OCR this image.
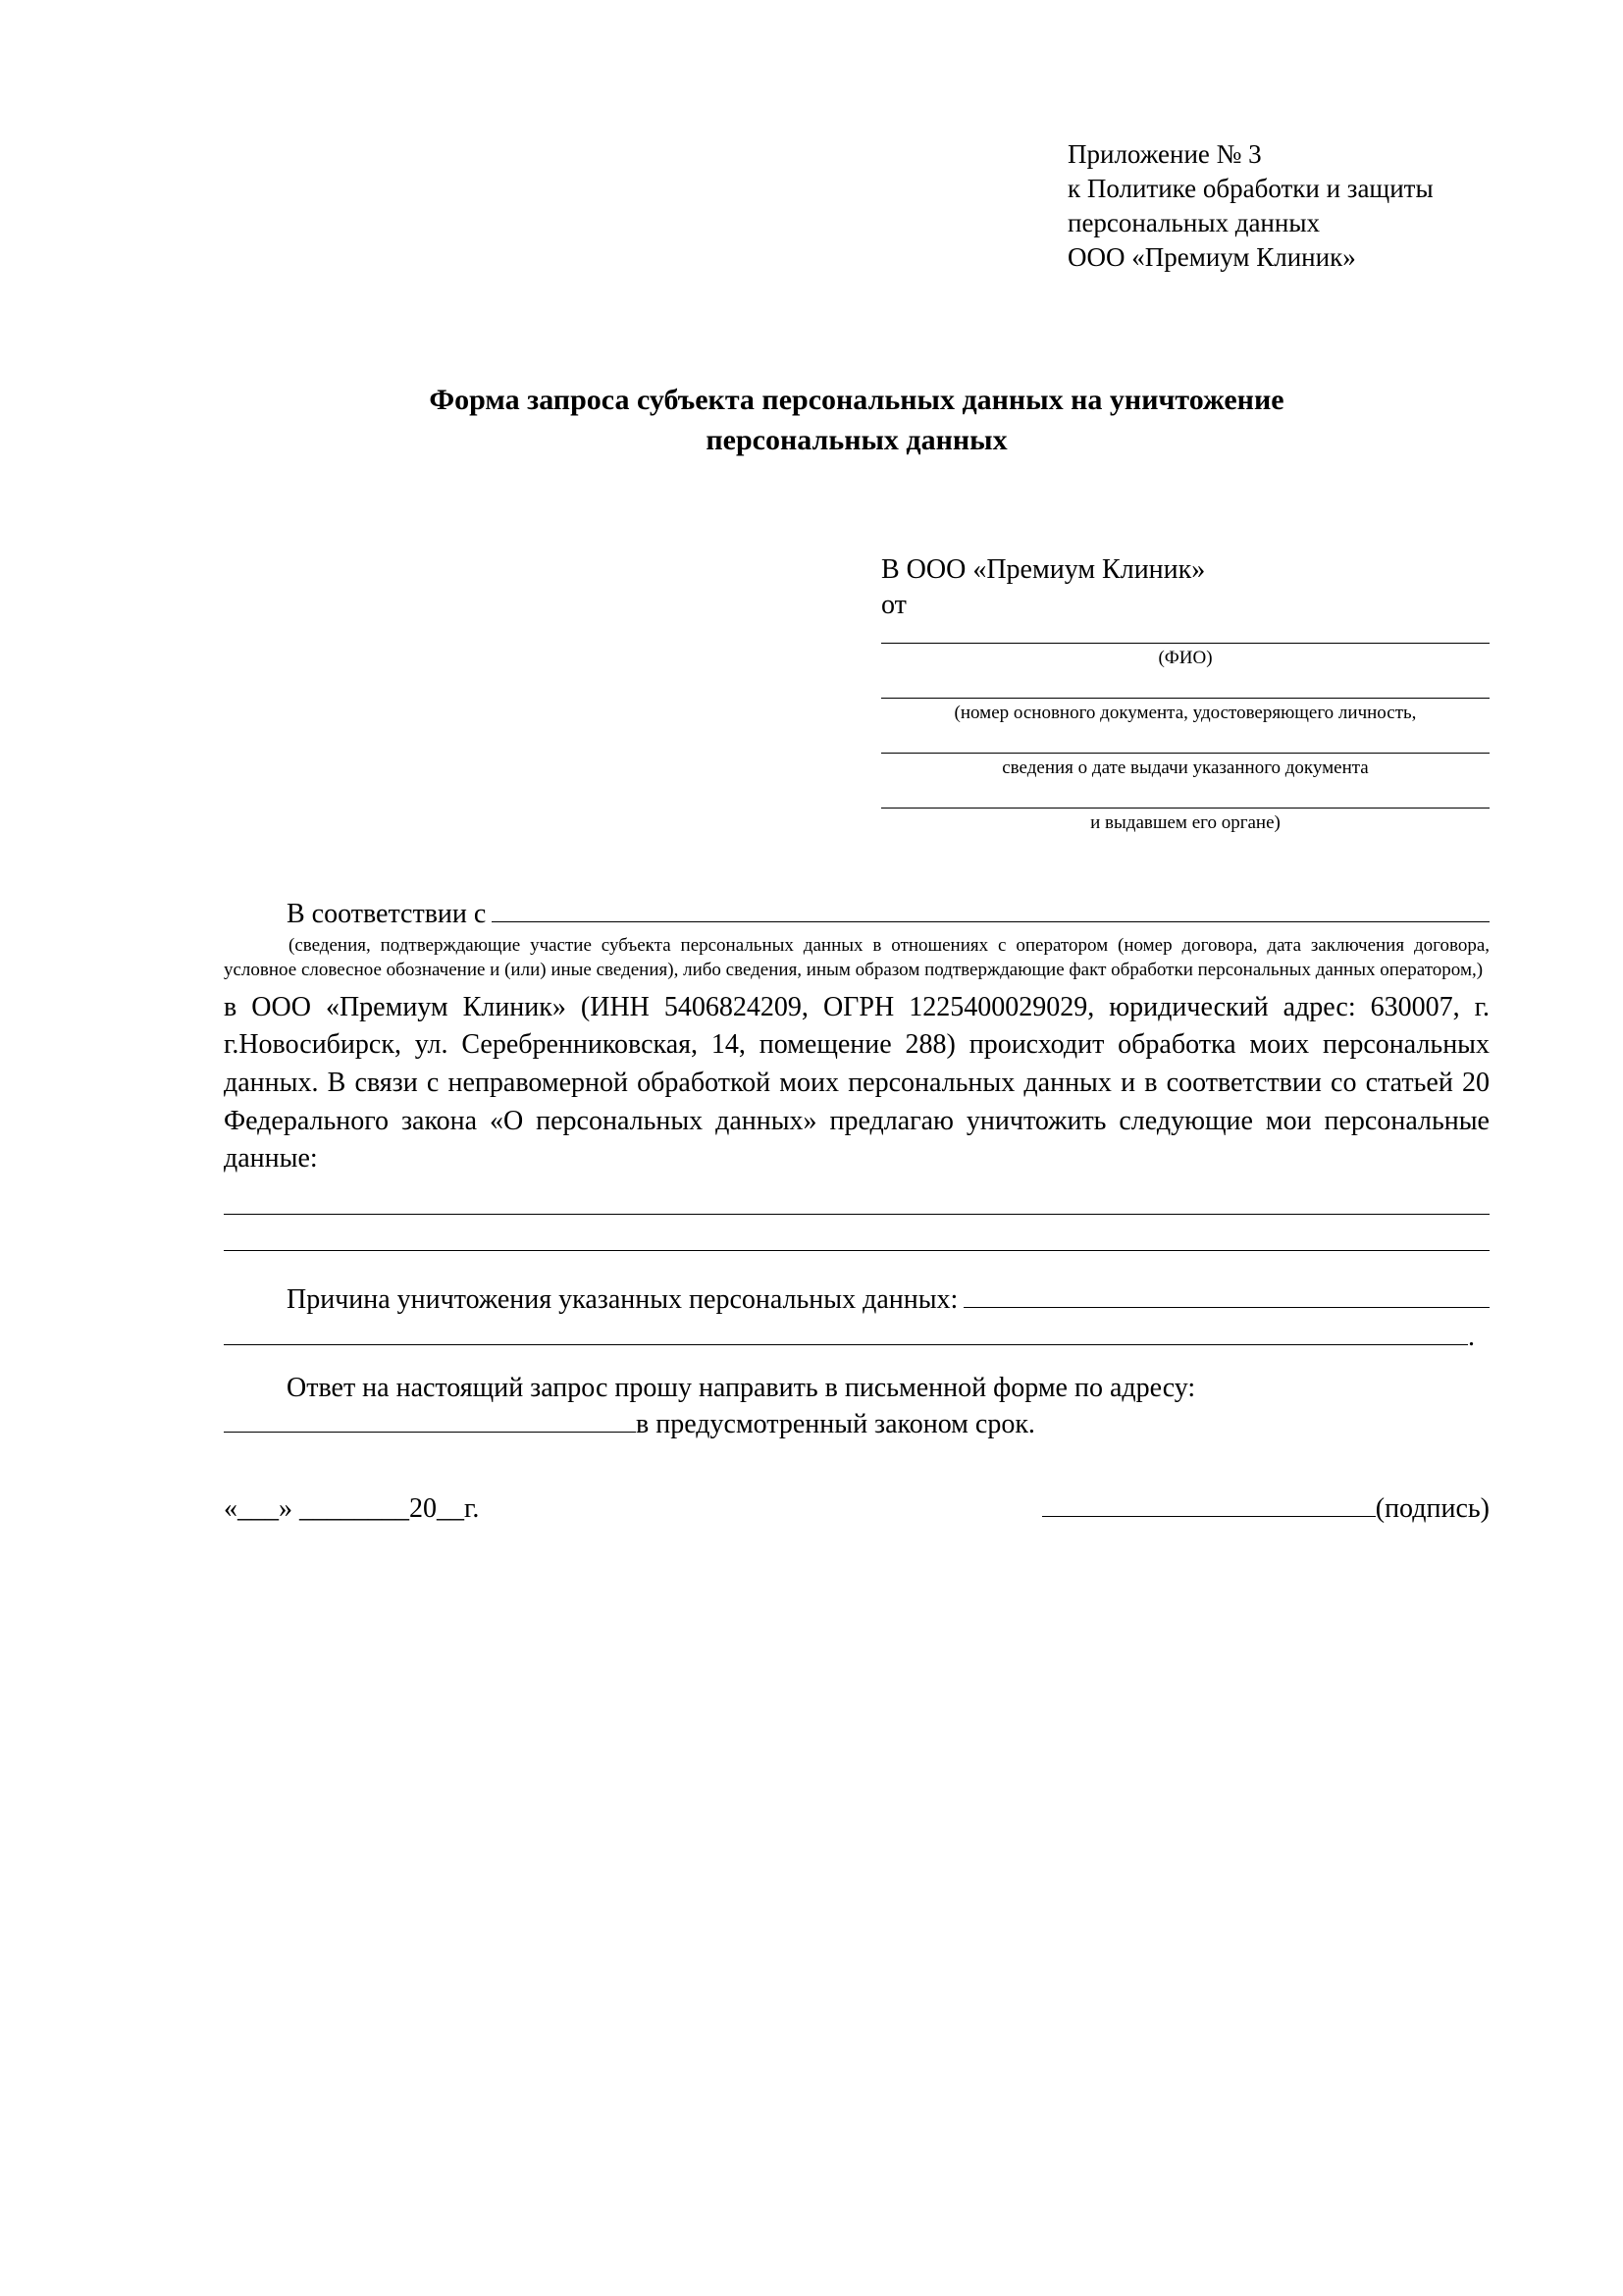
Приложение № 3
к Политике обработки и защиты
персональных данных
ООО «Премиум Клиник»
Форма запроса субъекта персональных данных на уничтожение
персональных данных
В ООО «Премиум Клиник»
от
(ФИО)
(номер основного документа, удостоверяющего личность,
сведения о дате выдачи указанного документа
и выдавшем его органе)
В соответствии с
(сведения, подтверждающие участие субъекта персональных данных в отношениях с оператором (номер договора, дата заключения договора, условное словесное обозначение и (или) иные сведения), либо сведения, иным образом подтверждающие факт обработки персональных данных оператором,)
в ООО «Премиум Клиник» (ИНН 5406824209, ОГРН 1225400029029, юридический адрес: 630007, г. г.Новосибирск, ул. Серебренниковская, 14, помещение 288) происходит обработка моих персональных данных. В связи с неправомерной обработкой моих персональных данных и в соответствии со статьей 20 Федерального закона «О персональных данных» предлагаю уничтожить следующие мои персональные данные:
Причина уничтожения указанных персональных данных:
.
Ответ на настоящий запрос прошу направить в письменной форме по адресу:
в предусмотренный законом срок.
«___» ________20__г.	(подпись)
